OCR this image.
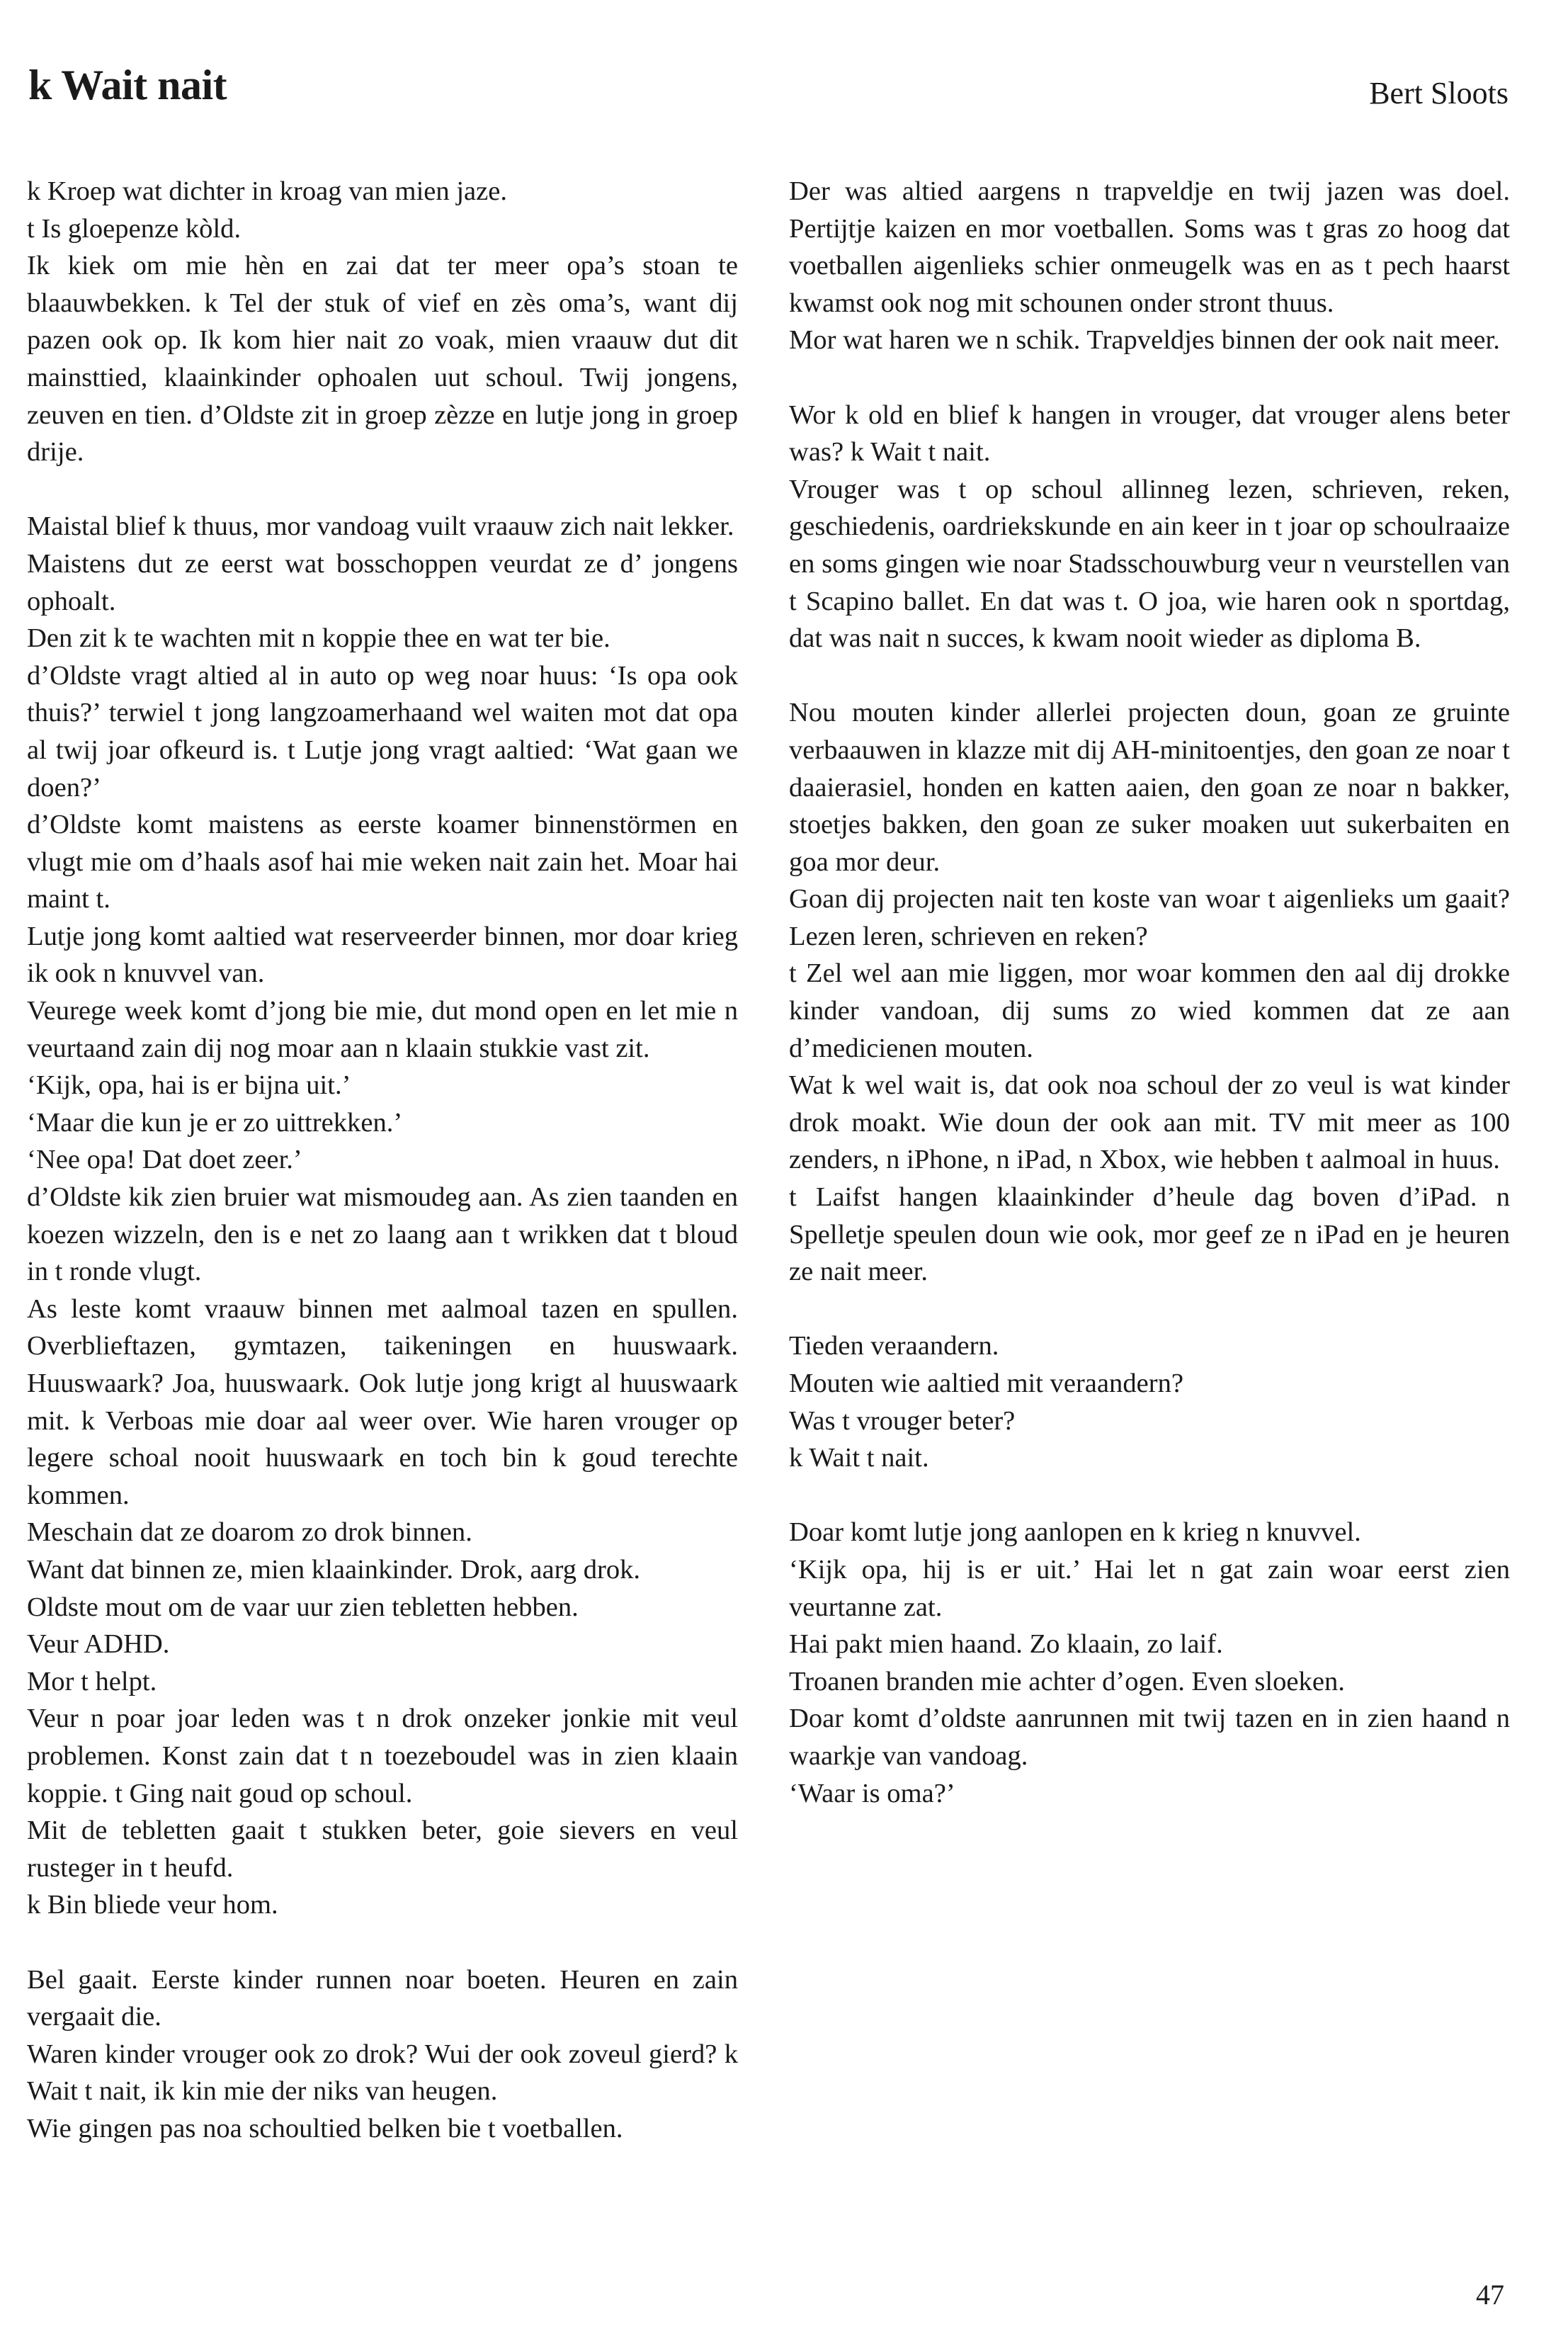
k Wait nait	Bert Sloots

k Kroep wat dichter in kroag van mien jaze.

t Is gloepenze kòld.

Ik kiek om mie hèn en zai dat ter meer opa’s stoan te blaauwbekken. k Tel der stuk of vief en zès oma’s, want dij pazen ook op. Ik kom hier nait zo voak, mien vraauw dut dit mainsttied, klaainkinder ophoalen uut schoul. Twij jongens, zeuven en tien. d’Oldste zit in groep zèzze en lutje jong in groep drije.

Maistal blief k thuus, mor vandoag vuilt vraauw zich nait lekker.

Maistens dut ze eerst wat bosschoppen veurdat ze d’ jongens ophoalt.

Den zit k te wachten mit n koppie thee en wat ter bie.

d’Oldste vragt altied al in auto op weg noar huus: ‘Is opa ook thuis?’ terwiel t jong langzoamerhaand wel waiten mot dat opa al twij joar ofkeurd is. t Lutje jong vragt aaltied: ‘Wat gaan we doen?’

d’Oldste komt maistens as eerste koamer binnenstörmen en vlugt mie om d’haals asof hai mie weken nait zain het. Moar hai maint t.

Lutje jong komt aaltied wat reserveerder binnen, mor doar krieg ik ook n knuvvel van.

Veurege week komt d’jong bie mie, dut mond open en let mie n veurtaand zain dij nog moar aan n klaain stukkie vast zit.

‘Kijk, opa, hai is er bijna uit.’

‘Maar die kun je er zo uittrekken.’

‘Nee opa! Dat doet zeer.’

d’Oldste kik zien bruier wat mismoudeg aan. As zien taanden en koezen wizzeln, den is e net zo laang aan t wrikken dat t bloud in t ronde vlugt.

As leste komt vraauw binnen met aalmoal tazen en spullen. Overblieftazen, gymtazen, taikeningen en huuswaark. Huuswaark? Joa, huuswaark. Ook lutje jong krigt al huuswaark mit. k Verboas mie doar aal weer over. Wie haren vrouger op legere schoal nooit huuswaark en toch bin k goud terechte kommen.

Meschain dat ze doarom zo drok binnen.

Want dat binnen ze, mien klaainkinder. Drok, aarg drok.

Oldste mout om de vaar uur zien tebletten hebben.

Veur ADHD.

Mor t helpt.

Veur n poar joar leden was t n drok onzeker jonkie mit veul problemen. Konst zain dat t n toezeboudel was in zien klaain koppie. t Ging nait goud op schoul.

Mit de tebletten gaait t stukken beter, goie sievers en veul rusteger in t heufd.

k Bin bliede veur hom.

Bel gaait. Eerste kinder runnen noar boeten. Heuren en zain vergaait die.

Waren kinder vrouger ook zo drok? Wui der ook zoveul gierd? k Wait t nait, ik kin mie der niks van heugen.

Wie gingen pas noa schoultied belken bie t voetballen.

Der was altied aargens n trapveldje en twij jazen was doel. Pertijtje kaizen en mor voetballen. Soms was t gras zo hoog dat voetballen aigenlieks schier onmeugelk was en as t pech haarst kwamst ook nog mit schounen onder stront thuus.

Mor wat haren we n schik. Trapveldjes binnen der ook nait meer.

Wor k old en blief k hangen in vrouger, dat vrouger alens beter was? k Wait t nait.

Vrouger was t op schoul allinneg lezen, schrieven, reken, geschiedenis, oardriekskunde en ain keer in t joar op schoulraaize en soms gingen wie noar Stadsschouwburg veur n veurstellen van t Scapino ballet. En dat was t. O joa, wie haren ook n sportdag, dat was nait n succes, k kwam nooit wieder as diploma B.

Nou mouten kinder allerlei projecten doun, goan ze gruinte verbaauwen in klazze mit dij AH-minitoentjes, den goan ze noar t daaierasiel, honden en katten aaien, den goan ze noar n bakker, stoetjes bakken, den goan ze suker moaken uut sukerbaiten en goa mor deur.

Goan dij projecten nait ten koste van woar t aigenlieks um gaait? Lezen leren, schrieven en reken?

t Zel wel aan mie liggen, mor woar kommen den aal dij drokke kinder vandoan, dij sums zo wied kommen dat ze aan d’medicienen mouten.

Wat k wel wait is, dat ook noa schoul der zo veul is wat kinder drok moakt. Wie doun der ook aan mit. TV mit meer as 100 zenders, n iPhone, n iPad, n Xbox, wie hebben t aalmoal in huus.

t Laifst hangen klaainkinder d’heule dag boven d’iPad. n Spelletje speulen doun wie ook, mor geef ze n iPad en je heuren ze nait meer.

Tieden veraandern.

Mouten wie aaltied mit veraandern?

Was t vrouger beter?

k Wait t nait.

Doar komt lutje jong aanlopen en k krieg n knuvvel.

‘Kijk opa, hij is er uit.’ Hai let n gat zain woar eerst zien veurtanne zat.

Hai pakt mien haand. Zo klaain, zo laif.

Troanen branden mie achter d’ogen. Even sloeken.

Doar komt d’oldste aanrunnen mit twij tazen en in zien haand n waarkje van vandoag.

‘Waar is oma?’

47
